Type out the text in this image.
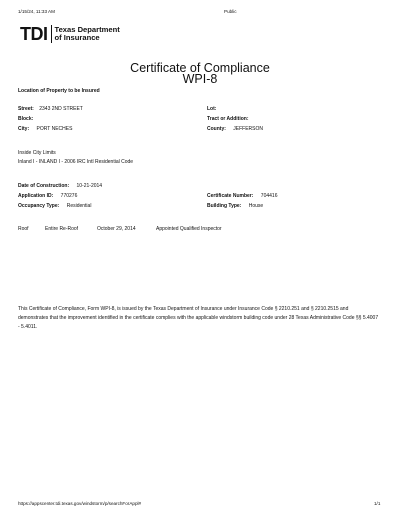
1/15/24, 11:33 AM	Public
TDI Texas Department
of Insurance
Certificate of Compliance
WPI-8
Location of Property to be Insured
Street: 2343 2ND STREET	Lot:
Block:	Tract or Addition:
City: PORT NECHES	County: JEFFERSON
Inside City Limits
Inland I - INLAND I - 2006 IRC Intl Residential Code
Date of Construction: 10-21-2014
Application ID: 770276	Certificate Number: 704416
Occupancy Type: Residential	Building Type: House
Roof	Entire Re-Roof	October 29, 2014	Appointed Qualified Inspector
This Certificate of Compliance, Form WPI-8, is issued by the Texas Department of Insurance under Insurance Code § 2210.251 and § 2210.2515 and demonstrates that the improvement identified in the certificate complies with the applicable windstorm building code under 28 Texas Administrative Code §§ 5.4007 - 5.4011.
https://appscenter.tdi.texas.gov/windstorm/p/searchForAppl#	1/1
